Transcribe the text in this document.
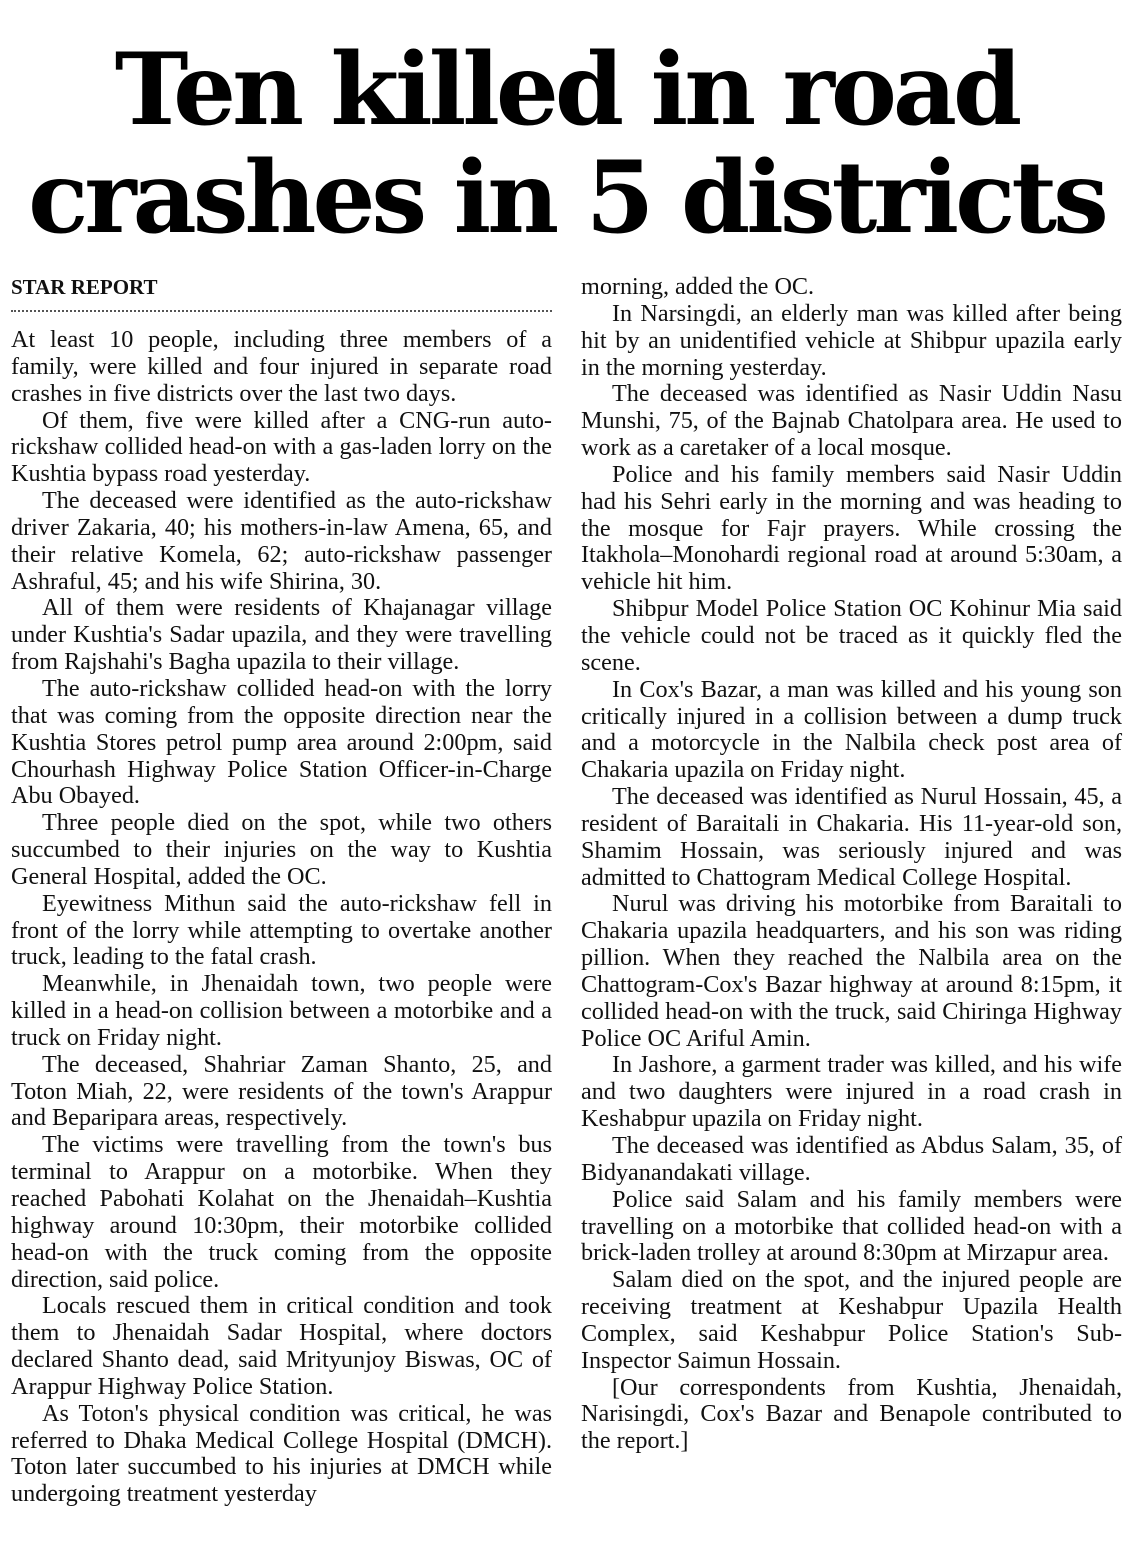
Ten killed in road
crashes in 5 districts
STAR REPORT

At least 10 people, including three members of a family, were killed and four injured in separate road crashes in five districts over the last two days.

Of them, five were killed after a CNG-run auto-rickshaw collided head-on with a gas-laden lorry on the Kushtia bypass road yesterday.

The deceased were identified as the auto-rickshaw driver Zakaria, 40; his mothers-in-law Amena, 65, and their relative Komela, 62; auto-rickshaw passenger Ashraful, 45; and his wife Shirina, 30.

All of them were residents of Khajanagar village under Kushtia's Sadar upazila, and they were travelling from Rajshahi's Bagha upazila to their village.

The auto-rickshaw collided head-on with the lorry that was coming from the opposite direction near the Kushtia Stores petrol pump area around 2:00pm, said Chourhash Highway Police Station Officer-in-Charge Abu Obayed.

Three people died on the spot, while two others succumbed to their injuries on the way to Kushtia General Hospital, added the OC.

Eyewitness Mithun said the auto-rickshaw fell in front of the lorry while attempting to overtake another truck, leading to the fatal crash.

Meanwhile, in Jhenaidah town, two people were killed in a head-on collision between a motorbike and a truck on Friday night.

The deceased, Shahriar Zaman Shanto, 25, and Toton Miah, 22, were residents of the town's Arappur and Beparipara areas, respectively.

The victims were travelling from the town's bus terminal to Arappur on a motorbike. When they reached Pabohati Kolahat on the Jhenaidah–Kushtia highway around 10:30pm, their motorbike collided head-on with the truck coming from the opposite direction, said police.

Locals rescued them in critical condition and took them to Jhenaidah Sadar Hospital, where doctors declared Shanto dead, said Mrityunjoy Biswas, OC of Arappur Highway Police Station.

As Toton's physical condition was critical, he was referred to Dhaka Medical College Hospital (DMCH). Toton later succumbed to his injuries at DMCH while undergoing treatment yesterday

morning, added the OC.

In Narsingdi, an elderly man was killed after being hit by an unidentified vehicle at Shibpur upazila early in the morning yesterday.

The deceased was identified as Nasir Uddin Nasu Munshi, 75, of the Bajnab Chatolpara area. He used to work as a caretaker of a local mosque.

Police and his family members said Nasir Uddin had his Sehri early in the morning and was heading to the mosque for Fajr prayers. While crossing the Itakhola–Monohardi regional road at around 5:30am, a vehicle hit him.

Shibpur Model Police Station OC Kohinur Mia said the vehicle could not be traced as it quickly fled the scene.

In Cox's Bazar, a man was killed and his young son critically injured in a collision between a dump truck and a motorcycle in the Nalbila check post area of Chakaria upazila on Friday night.

The deceased was identified as Nurul Hossain, 45, a resident of Baraitali in Chakaria. His 11-year-old son, Shamim Hossain, was seriously injured and was admitted to Chattogram Medical College Hospital.

Nurul was driving his motorbike from Baraitali to Chakaria upazila headquarters, and his son was riding pillion. When they reached the Nalbila area on the Chattogram-Cox's Bazar highway at around 8:15pm, it collided head-on with the truck, said Chiringa Highway Police OC Ariful Amin.

In Jashore, a garment trader was killed, and his wife and two daughters were injured in a road crash in Keshabpur upazila on Friday night.

The deceased was identified as Abdus Salam, 35, of Bidyanandakati village.

Police said Salam and his family members were travelling on a motorbike that collided head-on with a brick-laden trolley at around 8:30pm at Mirzapur area.

Salam died on the spot, and the injured people are receiving treatment at Keshabpur Upazila Health Complex, said Keshabpur Police Station's Sub-Inspector Saimun Hossain.

[Our correspondents from Kushtia, Jhenaidah, Narisingdi, Cox's Bazar and Benapole contributed to the report.]
